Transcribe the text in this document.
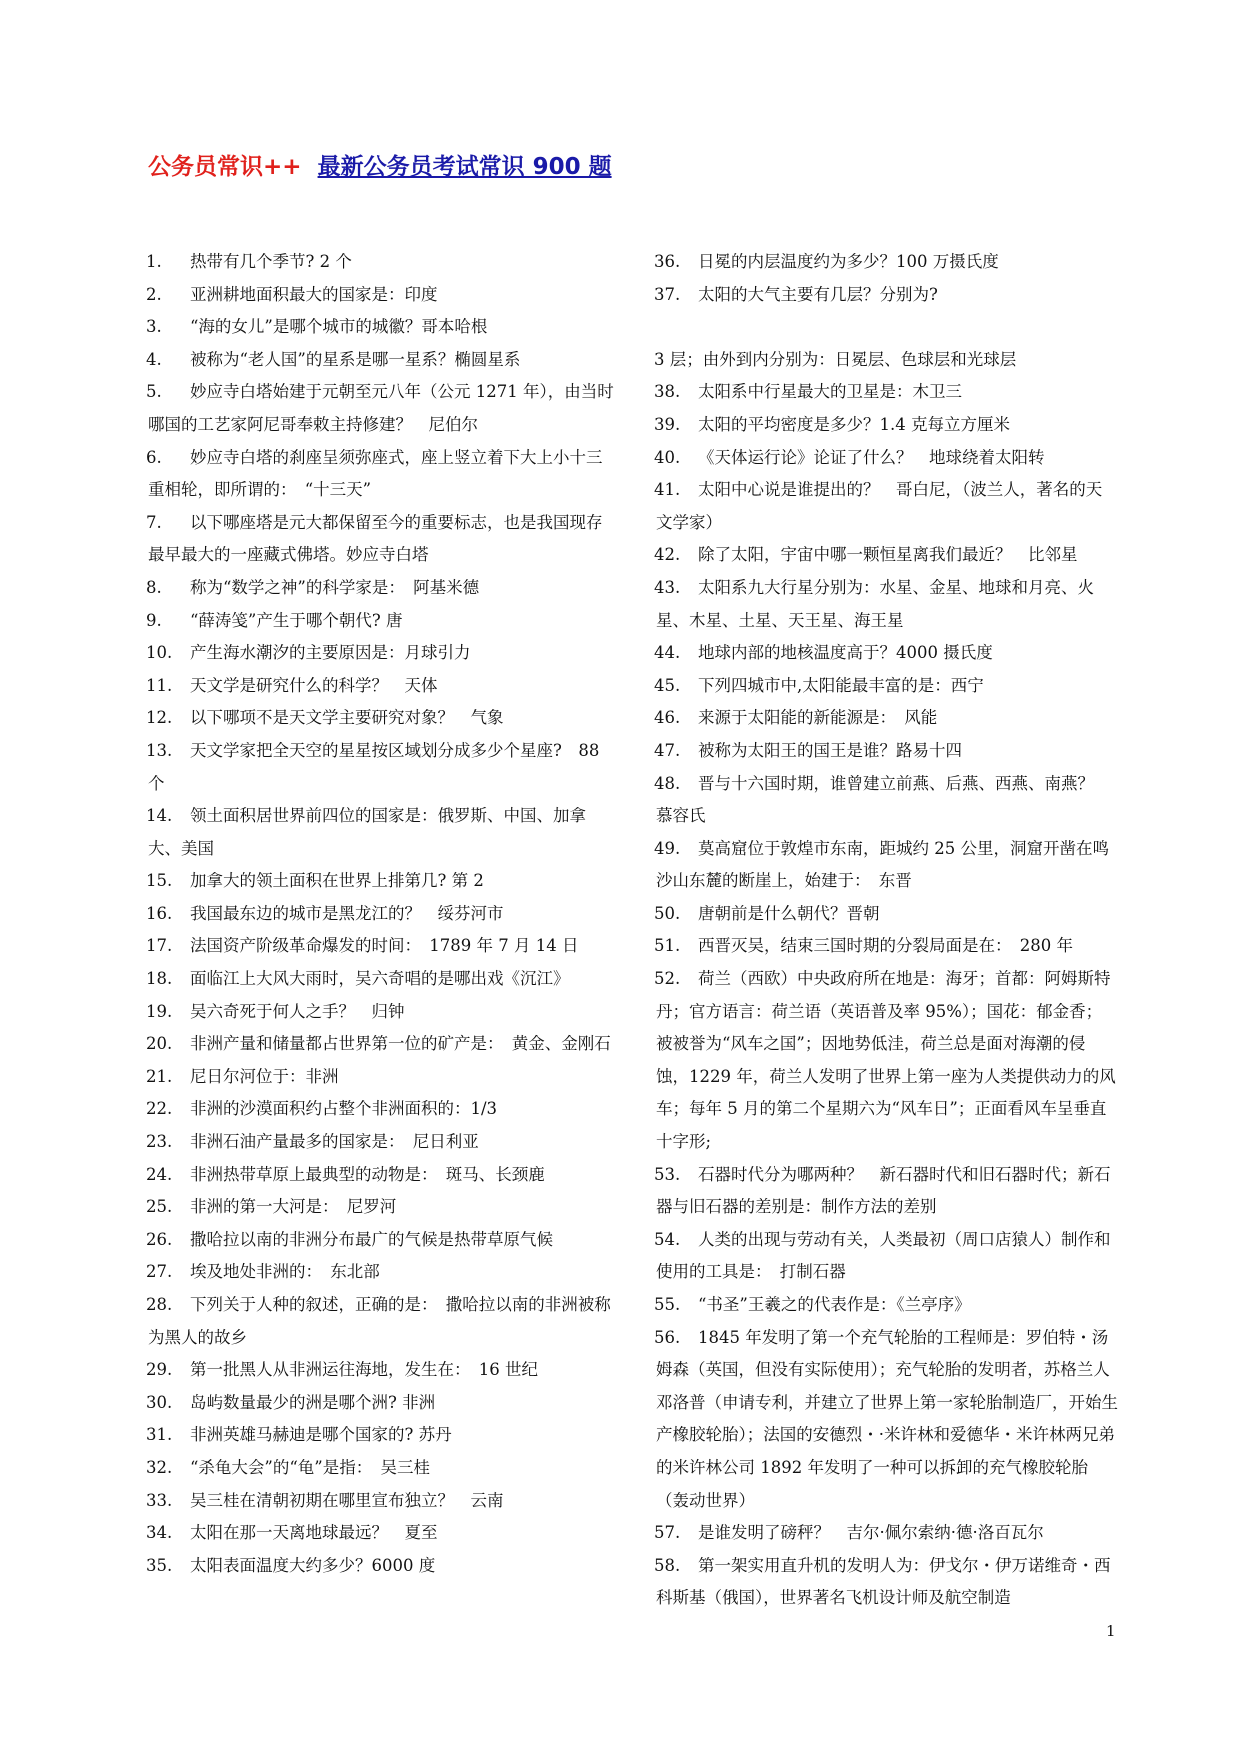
公务员常识++ 最新公务员考试常识 900 题
1. 热带有几个季节? 2 个
2. 亚洲耕地面积最大的国家是：印度
3. “海的女儿”是哪个城市的城徽？哥本哈根
4. 被称为“老人国”的星系是哪一星系？椭圆星系
5. 妙应寺白塔始建于元朝至元八年（公元 1271 年），由当时哪国的工艺家阿尼哥奉敕主持修建？　尼伯尔
6. 妙应寺白塔的刹座呈须弥座式，座上竖立着下大上小十三重相轮，即所谓的：　“十三天”
7. 以下哪座塔是元大都保留至今的重要标志，也是我国现存最早最大的一座藏式佛塔。妙应寺白塔
8. 称为“数学之神”的科学家是：　阿基米德
9. “薛涛笺”产生于哪个朝代? 唐
10. 产生海水潮汐的主要原因是：月球引力
11. 天文学是研究什么的科学？　天体
12. 以下哪项不是天文学主要研究对象？　气象
13. 天文学家把全天空的星星按区域划分成多少个星座?　88 个
14. 领土面积居世界前四位的国家是：俄罗斯、中国、加拿大、美国
15. 加拿大的领土面积在世界上排第几? 第 2
16. 我国最东边的城市是黑龙江的？　绥芬河市
17. 法国资产阶级革命爆发的时间：　1789 年 7 月 14 日
18. 面临江上大风大雨时，吴六奇唱的是哪出戏《沉江》
19. 吴六奇死于何人之手？　归钟
20. 非洲产量和储量都占世界第一位的矿产是：　黄金、金刚石
21. 尼日尔河位于：非洲
22. 非洲的沙漠面积约占整个非洲面积的：1/3
23. 非洲石油产量最多的国家是：　尼日利亚
24. 非洲热带草原上最典型的动物是：　斑马、长颈鹿
25. 非洲的第一大河是：　尼罗河
26. 撒哈拉以南的非洲分布最广的气候是热带草原气候
27. 埃及地处非洲的：　东北部
28. 下列关于人种的叙述，正确的是：　撒哈拉以南的非洲被称为黑人的故乡
29. 第一批黑人从非洲运往海地，发生在：　16 世纪
30. 岛屿数量最少的洲是哪个洲? 非洲
31. 非洲英雄马赫迪是哪个国家的? 苏丹
32. “杀龟大会”的“龟”是指：　吴三桂
33. 吴三桂在清朝初期在哪里宣布独立？　云南
34. 太阳在那一天离地球最远？　夏至
35. 太阳表面温度大约多少？6000 度
36. 日冕的内层温度约为多少？100 万摄氏度
37. 太阳的大气主要有几层？分别为?
3 层；由外到内分别为：日冕层、色球层和光球层
38. 太阳系中行星最大的卫星是：木卫三
39. 太阳的平均密度是多少？1.4 克每立方厘米
40. 《天体运行论》论证了什么？　地球绕着太阳转
41. 太阳中心说是谁提出的？　哥白尼，（波兰人，著名的天文学家）
42. 除了太阳，宇宙中哪一颗恒星离我们最近？　比邻星
43. 太阳系九大行星分别为：水星、金星、地球和月亮、火星、木星、土星、天王星、海王星
44. 地球内部的地核温度高于？4000 摄氏度
45. 下列四城市中,太阳能最丰富的是：西宁
46. 来源于太阳能的新能源是：　风能
47. 被称为太阳王的国王是谁？路易十四
48. 晋与十六国时期，谁曾建立前燕、后燕、西燕、南燕？　慕容氏
49. 莫高窟位于敦煌市东南，距城约 25 公里，洞窟开凿在鸣沙山东麓的断崖上，始建于：　东晋
50. 唐朝前是什么朝代？晋朝
51. 西晋灭吴，结束三国时期的分裂局面是在：　280 年
52. 荷兰（西欧）中央政府所在地是：海牙；首都：阿姆斯特丹；官方语言：荷兰语（英语普及率 95%）；国花：郁金香；被被誉为“风车之国”；因地势低洼，荷兰总是面对海潮的侵蚀，1229 年，荷兰人发明了世界上第一座为人类提供动力的风车；每年 5 月的第二个星期六为“风车日”；正面看风车呈垂直十字形;
53. 石器时代分为哪两种？　新石器时代和旧石器时代；新石器与旧石器的差别是：制作方法的差别
54. 人类的出现与劳动有关，人类最初（周口店猿人）制作和使用的工具是：　打制石器
55. “书圣”王羲之的代表作是：《兰亭序》
56. 1845 年发明了第一个充气轮胎的工程师是：罗伯特・汤姆森（英国，但没有实际使用）；充气轮胎的发明者，苏格兰人邓洛普（申请专利，并建立了世界上第一家轮胎制造厂，开始生产橡胶轮胎）；法国的安德烈・·米许林和爱德华・米许林两兄弟的米许林公司 1892 年发明了一种可以拆卸的充气橡胶轮胎（轰动世界）
57. 是谁发明了磅秤？　吉尔·佩尔索纳·德·洛百瓦尔
58. 第一架实用直升机的发明人为：伊戈尔・伊万诺维奇・西科斯基（俄国），世界著名飞机设计师及航空制造
1
